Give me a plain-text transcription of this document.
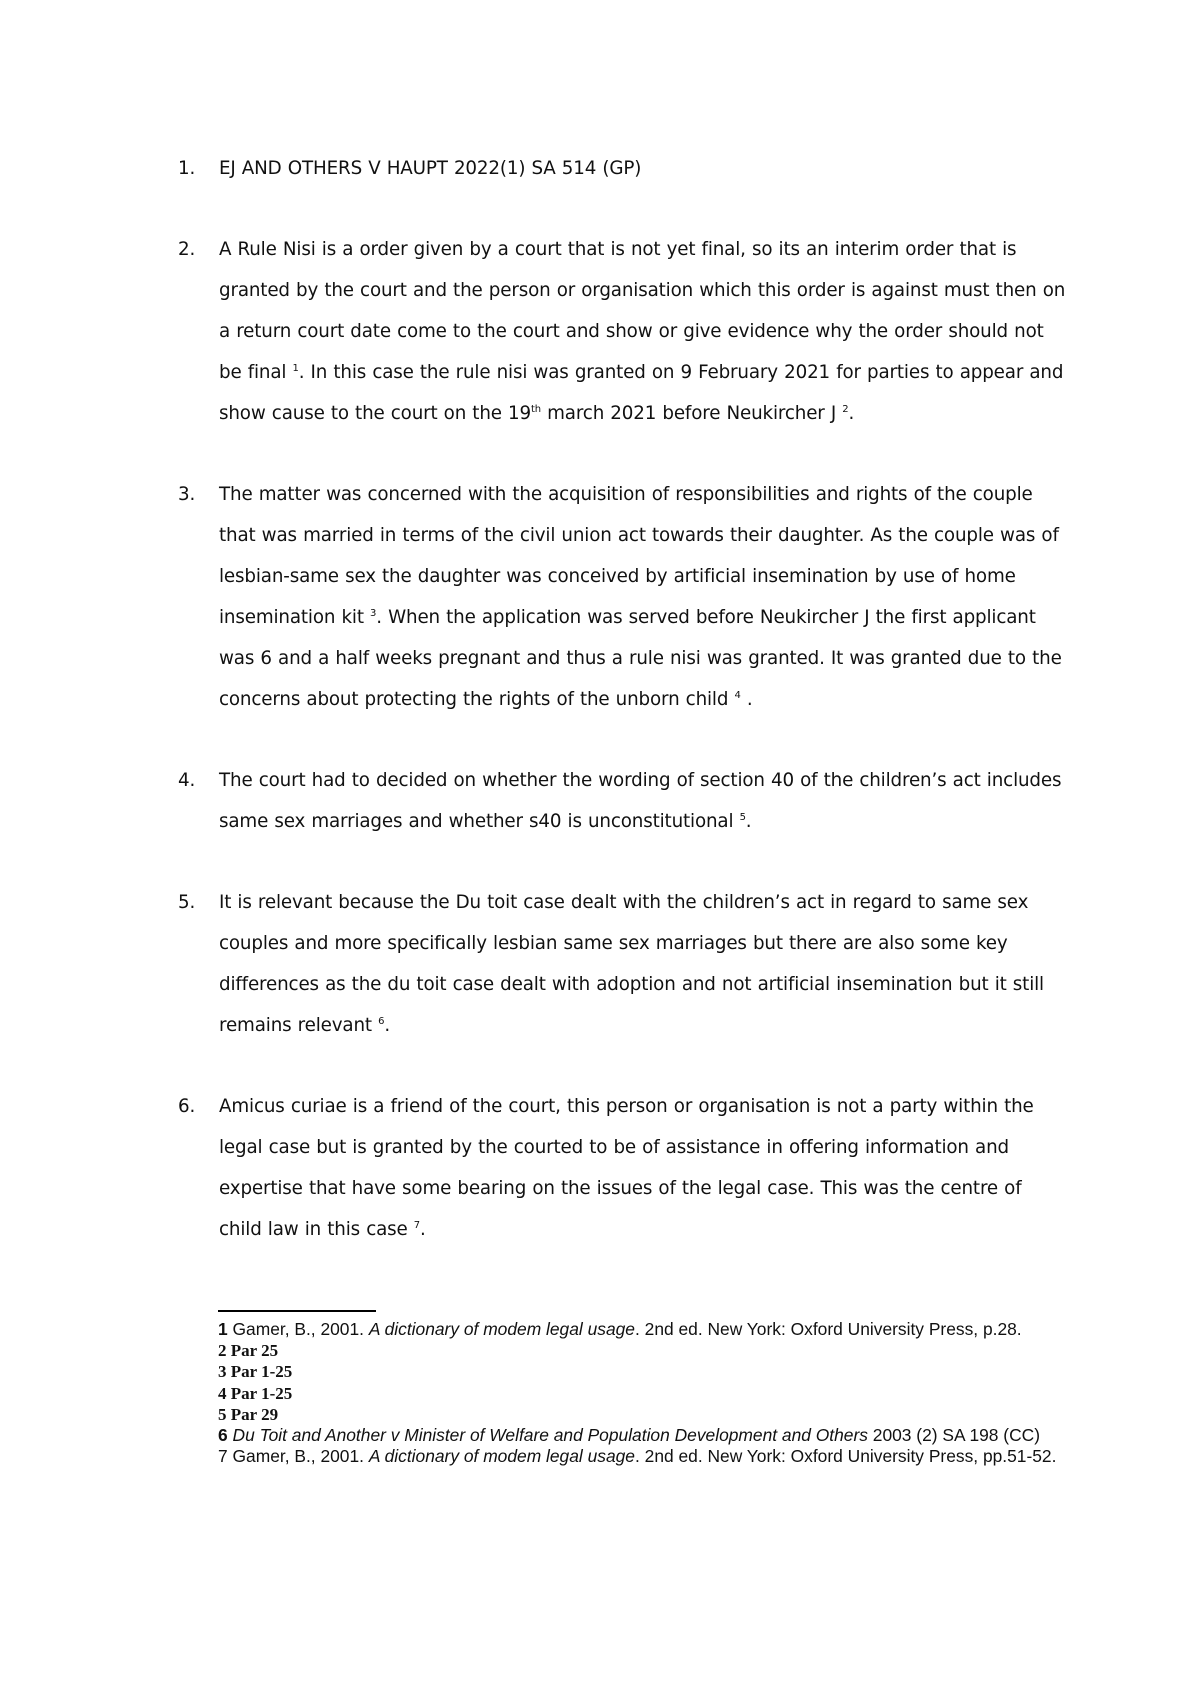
1. EJ AND OTHERS V HAUPT 2022(1) SA 514 (GP)
2. A Rule Nisi is a order given by a court that is not yet final, so its an interim order that is granted by the court and the person or organisation which this order is against must then on a return court date come to the court and show or give evidence why the order should not be final $^1$. In this case the rule nisi was granted on 9 February 2021 for parties to appear and show cause to the court on the 19th march 2021 before Neukircher J $^2$.
3. The matter was concerned with the acquisition of responsibilities and rights of the couple that was married in terms of the civil union act towards their daughter. As the couple was of lesbian-same sex the daughter was conceived by artificial insemination by use of home insemination kit $^3$. When the application was served before Neukircher J the first applicant was 6 and a half weeks pregnant and thus a rule nisi was granted. It was granted due to the concerns about protecting the rights of the unborn child $^4$ .
4. The court had to decided on whether the wording of section 40 of the children’s act includes same sex marriages and whether s40 is unconstitutional $^5$.
5. It is relevant because the Du toit case dealt with the children’s act in regard to same sex couples and more specifically lesbian same sex marriages but there are also some key differences as the du toit case dealt with adoption and not artificial insemination but it still remains relevant $^6$.
6. Amicus curiae is a friend of the court, this person or organisation is not a party within the legal case but is granted by the courted to be of assistance in offering information and expertise that have some bearing on the issues of the legal case. This was the centre of child law in this case $^7$.

1 Gamer, B., 2001. A dictionary of modem legal usage. 2nd ed. New York: Oxford University Press, p.28.

2 Par 25

3 Par 1-25

4 Par 1-25

5 Par 29

6 Du Toit and Another v Minister of Welfare and Population Development and Others 2003 (2) SA 198 (CC)

7 Gamer, B., 2001. A dictionary of modem legal usage. 2nd ed. New York: Oxford University Press, pp.51-52.
